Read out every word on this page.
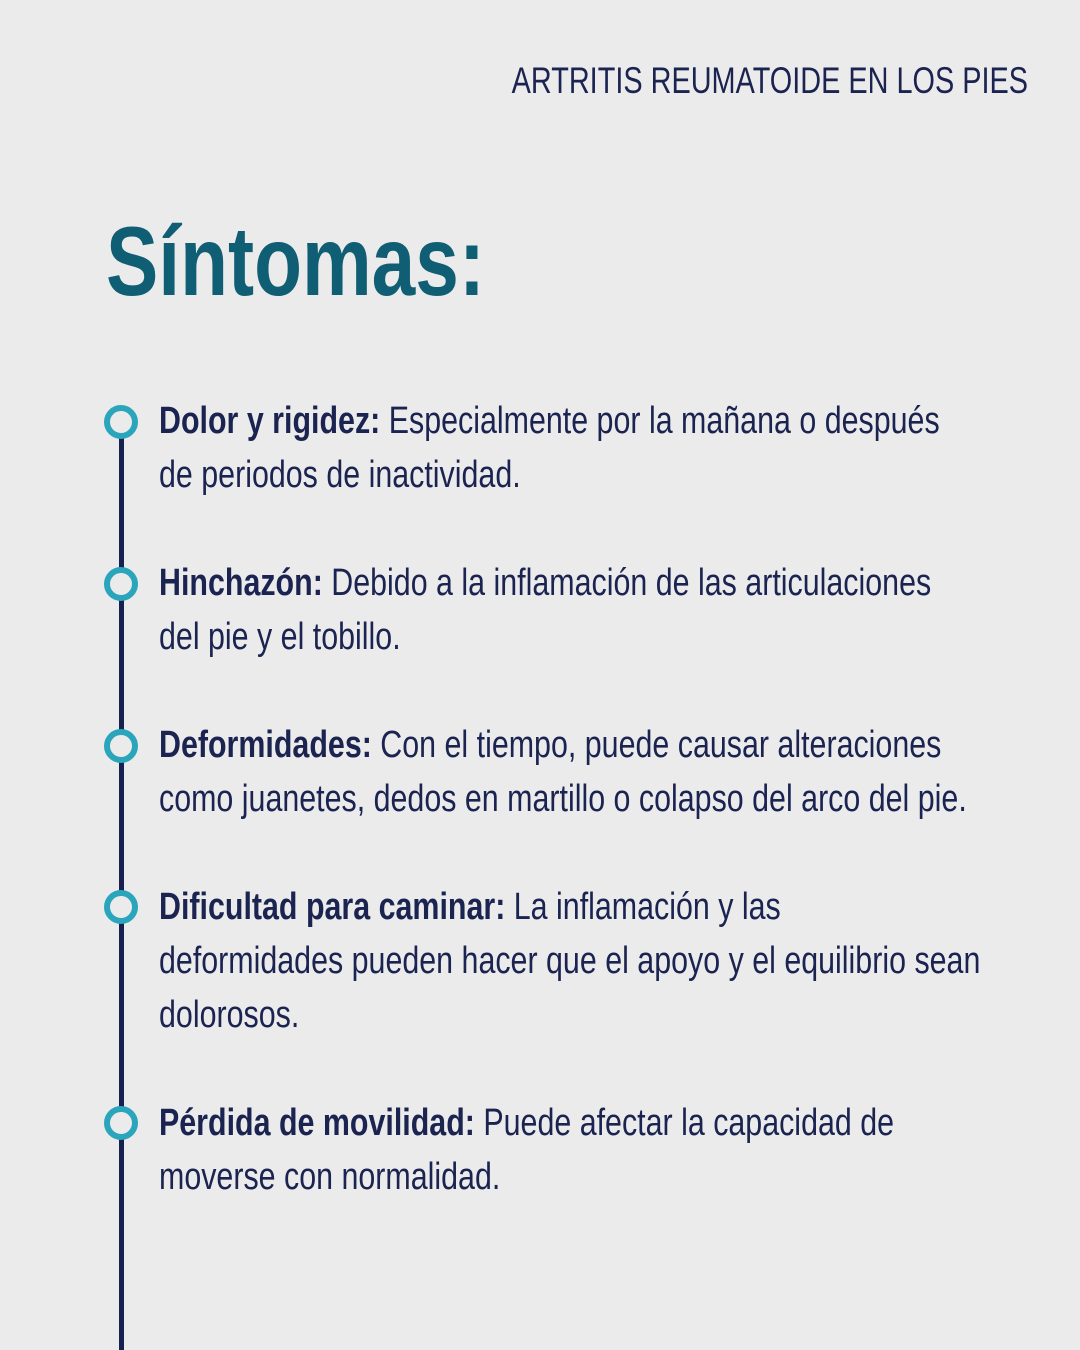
ARTRITIS REUMATOIDE EN LOS PIES
Síntomas:
Dolor y rigidez: Especialmente por la mañana o después
de periodos de inactividad.
Hinchazón: Debido a la inflamación de las articulaciones
del pie y el tobillo.
Deformidades: Con el tiempo, puede causar alteraciones
como juanetes, dedos en martillo o colapso del arco del pie.
Dificultad para caminar: La inflamación y las
deformidades pueden hacer que el apoyo y el equilibrio sean
dolorosos.
Pérdida de movilidad: Puede afectar la capacidad de
moverse con normalidad.
